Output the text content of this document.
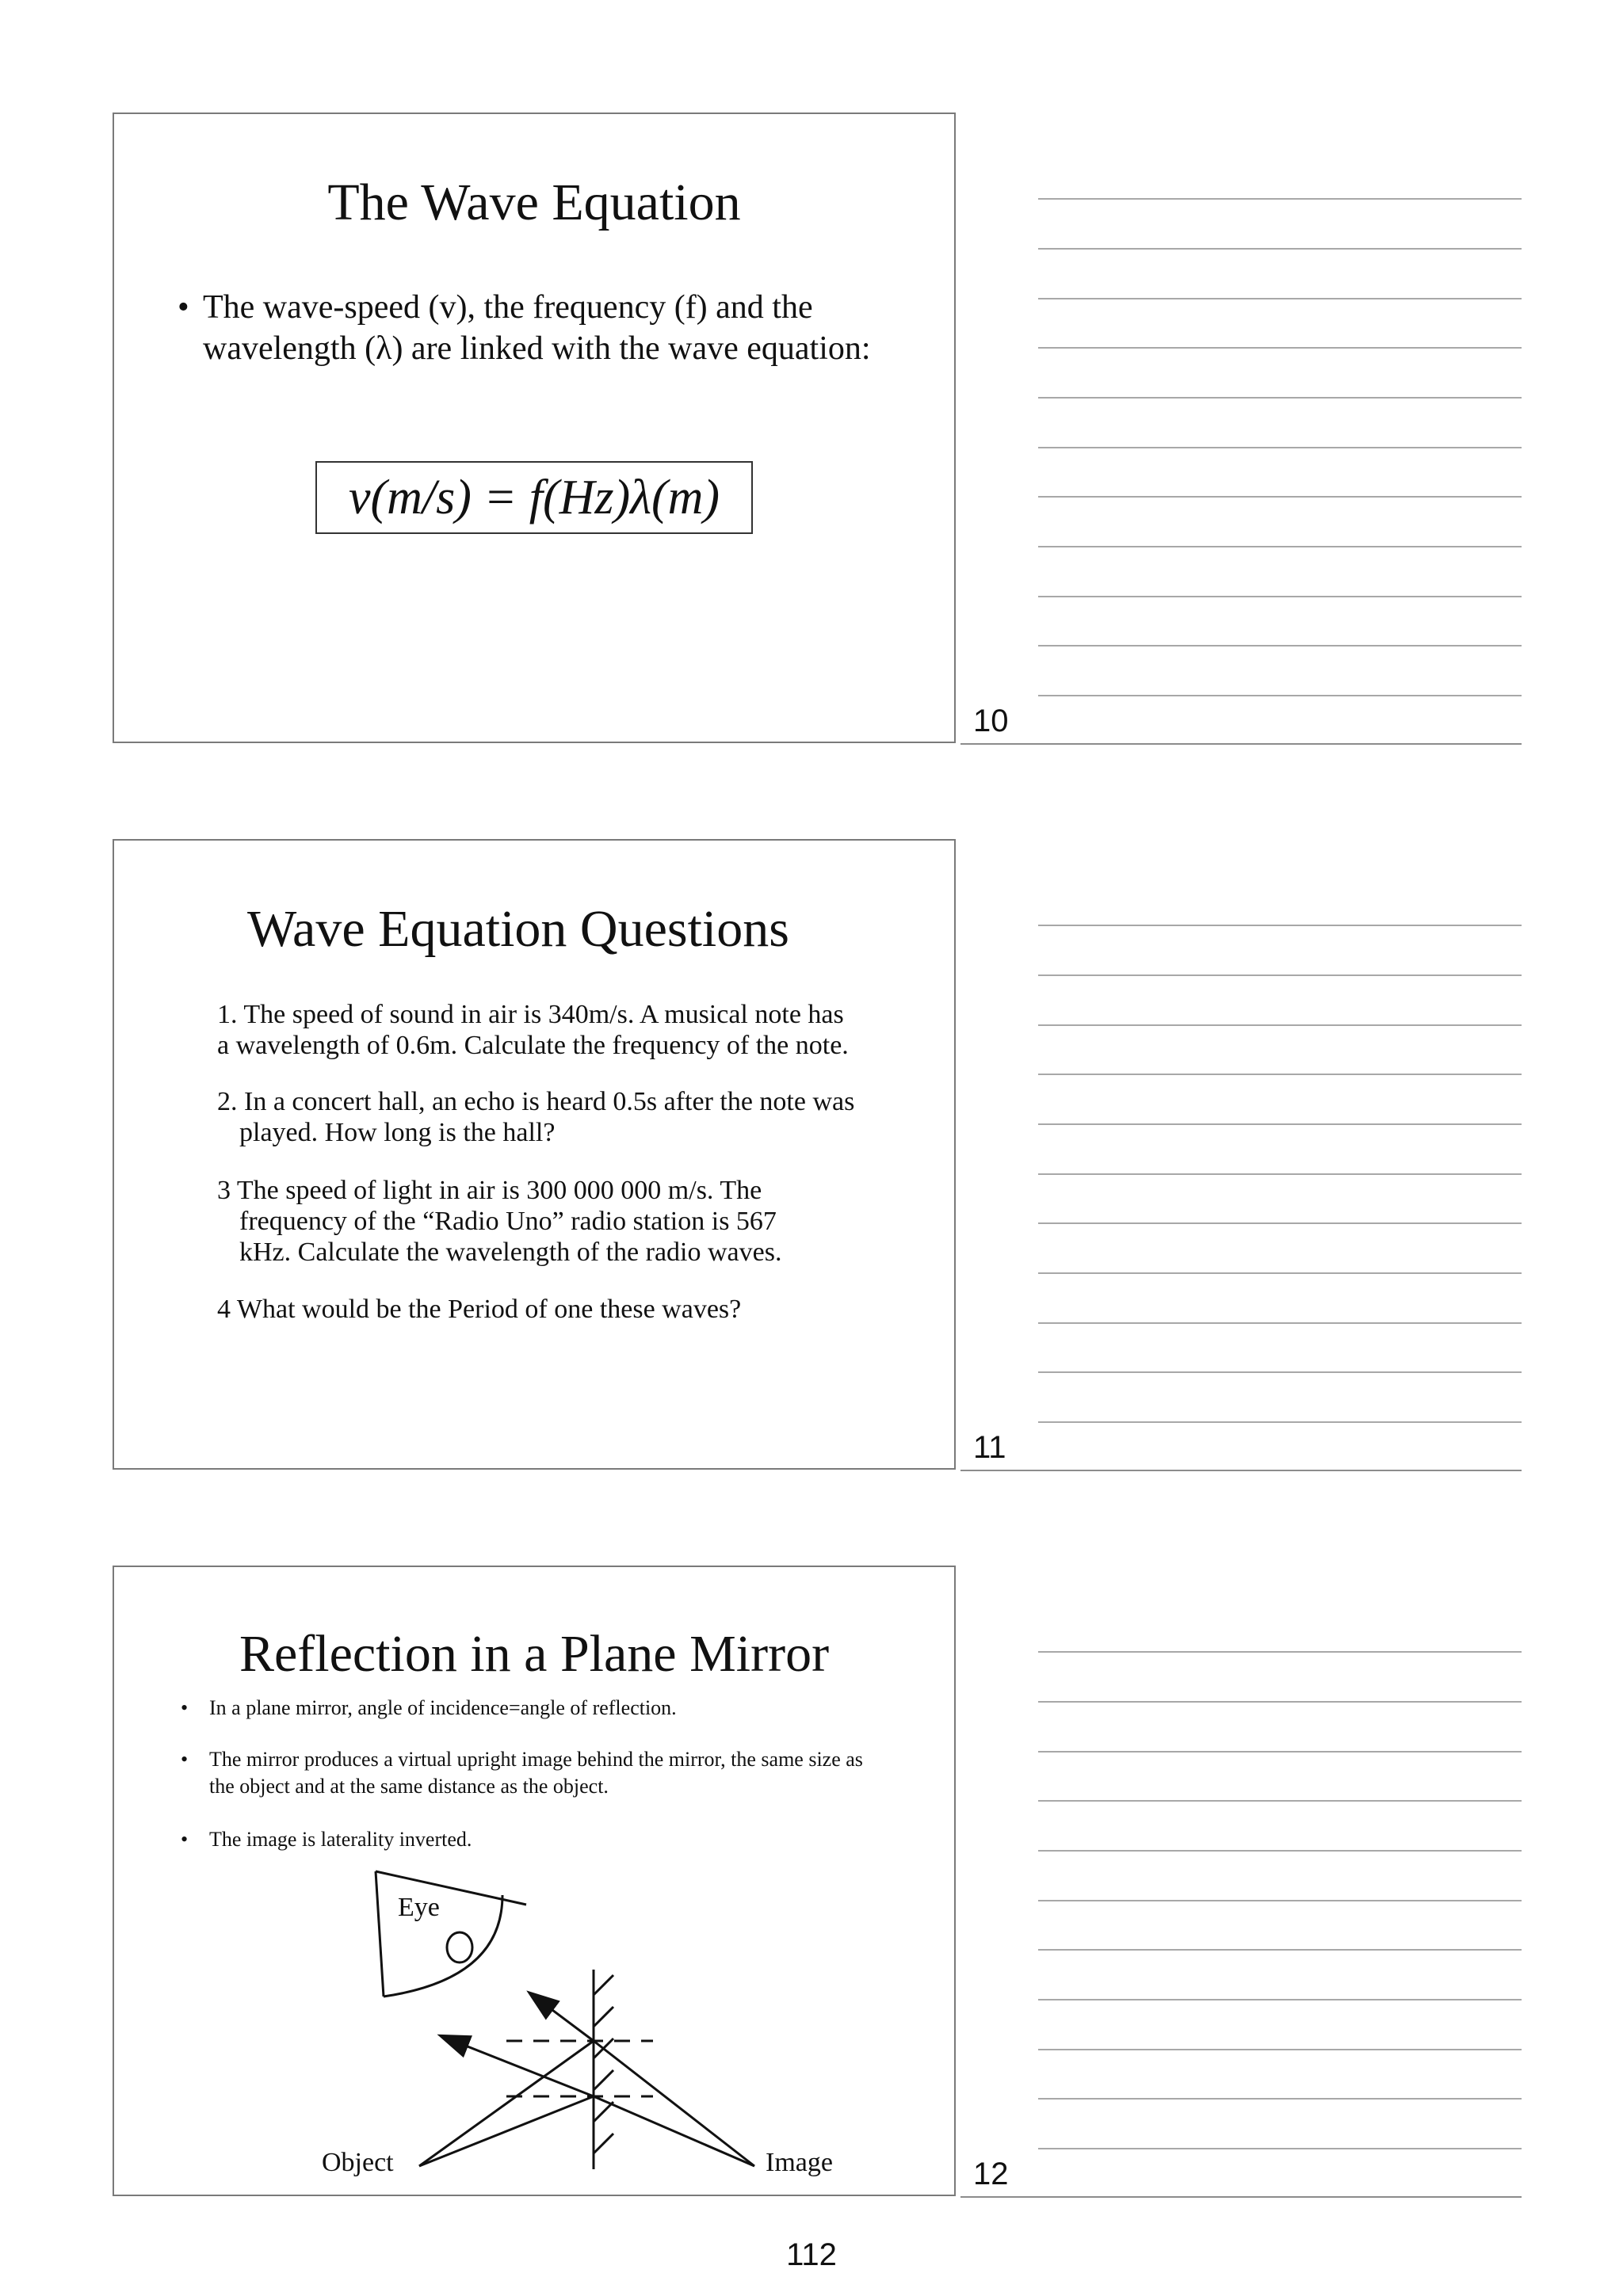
The Wave Equation
• The wave-speed (v), the frequency (f) and the
wavelength (λ) are linked with the wave equation:
v(m/s) = f(Hz)λ(m)
10
Wave Equation Questions
1. The speed of sound in air is 340m/s. A musical note has
a wavelength of 0.6m. Calculate the frequency of the note.
2. In a concert hall, an echo is heard 0.5s after the note was
played. How long is the hall?
3 The speed of light in air is 300 000 000 m/s. The
frequency of the “Radio Uno” radio station is 567
kHz. Calculate the wavelength of the radio waves.
4 What would be the Period of one these waves?
11
Reflection in a Plane Mirror
• In a plane mirror, angle of incidence=angle of reflection.
• The mirror produces a virtual upright image behind the mirror, the same size as
the object and at the same distance as the object.
• The image is laterality inverted.
Eye
Object	Image	12
112
